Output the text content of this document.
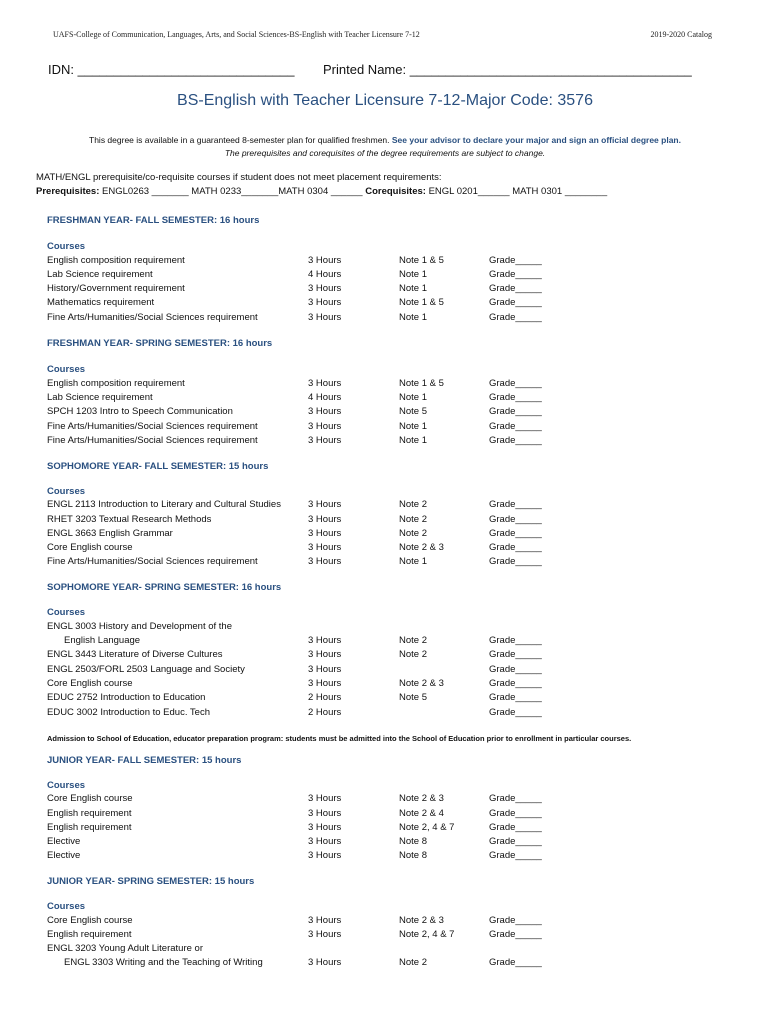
UAFS-College of Communication, Languages, Arts, and Social Sciences-BS-English with Teacher Licensure 7-12	2019-2020 Catalog
IDN: ______________________________ Printed Name: _______________________________________
BS-English with Teacher Licensure 7-12-Major Code: 3576
This degree is available in a guaranteed 8-semester plan for qualified freshmen. See your advisor to declare your major and sign an official degree plan.
The prerequisites and corequisites of the degree requirements are subject to change.
MATH/ENGL prerequisite/co-requisite courses if student does not meet placement requirements:
Prerequisites: ENGL0263 _______ MATH 0233_______MATH 0304 ______ Corequisites: ENGL 0201______ MATH 0301 ________
FRESHMAN YEAR- FALL SEMESTER: 16 hours
Courses
English composition requirement	3 Hours	Note 1 & 5	Grade_____
Lab Science requirement	4 Hours	Note 1	Grade_____
History/Government requirement	3 Hours	Note 1	Grade_____
Mathematics requirement	3 Hours	Note 1 & 5	Grade_____
Fine Arts/Humanities/Social Sciences requirement	3 Hours	Note 1	Grade_____
FRESHMAN YEAR- SPRING SEMESTER: 16 hours
Courses
English composition requirement	3 Hours	Note 1 & 5	Grade_____
Lab Science requirement	4 Hours	Note 1	Grade_____
SPCH 1203 Intro to Speech Communication	3 Hours	Note 5	Grade_____
Fine Arts/Humanities/Social Sciences requirement	3 Hours	Note 1	Grade_____
Fine Arts/Humanities/Social Sciences requirement	3 Hours	Note 1	Grade_____
SOPHOMORE YEAR- FALL SEMESTER: 15 hours
Courses
ENGL 2113 Introduction to Literary and Cultural Studies	3 Hours	Note 2	Grade_____
RHET 3203 Textual Research Methods	3 Hours	Note 2	Grade_____
ENGL 3663 English Grammar	3 Hours	Note 2	Grade_____
Core English course	3 Hours	Note 2 & 3	Grade_____
Fine Arts/Humanities/Social Sciences requirement	3 Hours	Note 1	Grade_____
SOPHOMORE YEAR- SPRING SEMESTER: 16 hours
Courses
ENGL 3003 History and Development of the
English Language	3 Hours	Note 2	Grade_____
ENGL 3443 Literature of Diverse Cultures	3 Hours	Note 2	Grade_____
ENGL 2503/FORL 2503 Language and Society	3 Hours	Grade_____
Core English course	3 Hours	Note 2 & 3	Grade_____
EDUC 2752 Introduction to Education	2 Hours	Note 5	Grade_____
EDUC 3002 Introduction to Educ. Tech	2 Hours	Grade_____
Admission to School of Education, educator preparation program: students must be admitted into the School of Education prior to enrollment in particular courses.
JUNIOR YEAR- FALL SEMESTER: 15 hours
Courses
Core English course	3 Hours	Note 2 & 3	Grade_____
English requirement	3 Hours	Note 2 & 4	Grade_____
English requirement	3 Hours	Note 2, 4 & 7	Grade_____
Elective	3 Hours	Note 8	Grade_____
Elective	3 Hours	Note 8	Grade_____
JUNIOR YEAR- SPRING SEMESTER: 15 hours
Courses
Core English course	3 Hours	Note 2 & 3	Grade_____
English requirement	3 Hours	Note 2, 4 & 7	Grade_____
ENGL 3203 Young Adult Literature or
ENGL 3303 Writing and the Teaching of Writing	3 Hours	Note 2	Grade_____
